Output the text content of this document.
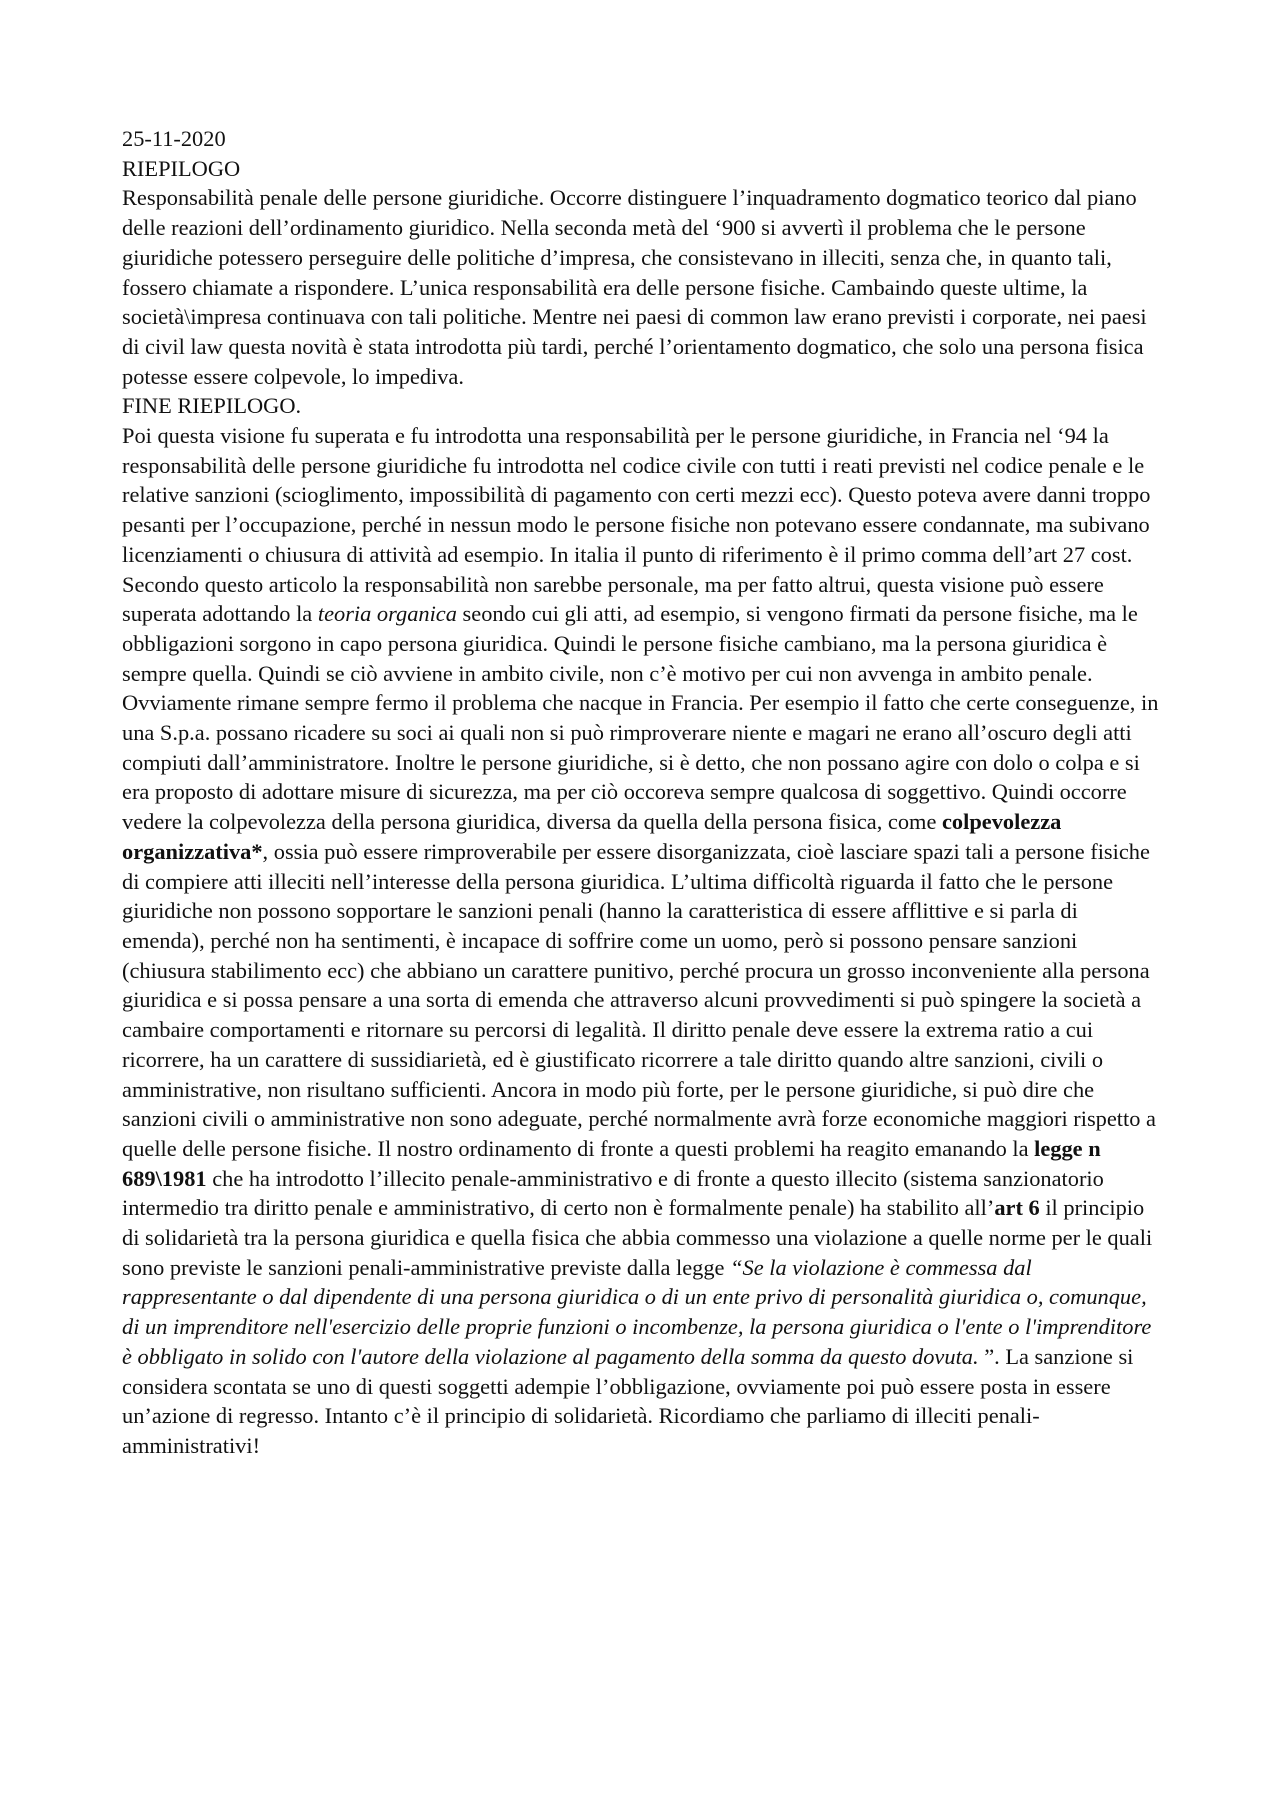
25-11-2020
RIEPILOGO

Responsabilità penale delle persone giuridiche. Occorre distinguere l’inquadramento dogmatico teorico dal piano delle reazioni dell’ordinamento giuridico. Nella seconda metà del ‘900 si avvertì il problema che le persone giuridiche potessero perseguire delle politiche d’impresa, che consistevano in illeciti, senza che, in quanto tali, fossero chiamate a rispondere. L’unica responsabilità era delle persone fisiche. Cambaindo queste ultime, la società\impresa continuava con tali politiche. Mentre nei paesi di common law erano previsti i corporate, nei paesi di civil law questa novità è stata introdotta più tardi, perché l’orientamento dogmatico, che solo una persona fisica potesse essere colpevole, lo impediva.

FINE RIEPILOGO.

Poi questa visione fu superata e fu introdotta una responsabilità per le persone giuridiche, in Francia nel ‘94 la responsabilità delle persone giuridiche fu introdotta nel codice civile con tutti i reati previsti nel codice penale e le relative sanzioni (scioglimento, impossibilità di pagamento con certi mezzi ecc). Questo poteva avere danni troppo pesanti per l’occupazione, perché in nessun modo le persone fisiche non potevano essere condannate, ma subivano licenziamenti o chiusura di attività ad esempio. In italia il punto di riferimento è il primo comma dell’art 27 cost. Secondo questo articolo la responsabilità non sarebbe personale, ma per fatto altrui, questa visione può essere superata adottando la teoria organica seondo cui gli atti, ad esempio, si vengono firmati da persone fisiche, ma le obbligazioni sorgono in capo persona giuridica. Quindi le persone fisiche cambiano, ma la persona giuridica è sempre quella. Quindi se ciò avviene in ambito civile, non c’è motivo per cui non avvenga in ambito penale. Ovviamente rimane sempre fermo il problema che nacque in Francia. Per esempio il fatto che certe conseguenze, in una S.p.a. possano ricadere su soci ai quali non si può rimproverare niente e magari ne erano all’oscuro degli atti compiuti dall’amministratore. Inoltre le persone giuridiche, si è detto, che non possano agire con dolo o colpa e si era proposto di adottare misure di sicurezza, ma per ciò occoreva sempre qualcosa di soggettivo. Quindi occorre vedere la colpevolezza della persona giuridica, diversa da quella della persona fisica, come colpevolezza organizzativa*, ossia può essere rimproverabile per essere disorganizzata, cioè lasciare spazi tali a persone fisiche di compiere atti illeciti nell’interesse della persona giuridica. L’ultima difficoltà riguarda il fatto che le persone giuridiche non possono sopportare le sanzioni penali (hanno la caratteristica di essere afflittive e si parla di emenda), perché non ha sentimenti, è incapace di soffrire come un uomo, però si possono pensare sanzioni (chiusura stabilimento ecc) che abbiano un carattere punitivo, perché procura un grosso inconveniente alla persona giuridica e si possa pensare a una sorta di emenda che attraverso alcuni provvedimenti si può spingere la società a cambaire comportamenti e ritornare su percorsi di legalità. Il diritto penale deve essere la extrema ratio a cui ricorrere, ha un carattere di sussidiarietà, ed è giustificato ricorrere a tale diritto quando altre sanzioni, civili o amministrative, non risultano sufficienti. Ancora in modo più forte, per le persone giuridiche, si può dire che sanzioni civili o amministrative non sono adeguate, perché normalmente avrà forze economiche maggiori rispetto a quelle delle persone fisiche. Il nostro ordinamento di fronte a questi problemi ha reagito emanando la legge n 689\1981 che ha introdotto l’illecito penale-amministrativo e di fronte a questo illecito (sistema sanzionatorio intermedio tra diritto penale e amministrativo, di certo non è formalmente penale) ha stabilito all’art 6 il principio di solidarietà tra la persona giuridica e quella fisica che abbia commesso una violazione a quelle norme per le quali sono previste le sanzioni penali-amministrative previste dalla legge “Se la violazione è commessa dal rappresentante o dal dipendente di una persona giuridica o di un ente privo di personalità giuridica o, comunque, di un imprenditore nell'esercizio delle proprie funzioni o incombenze, la persona giuridica o l'ente o l'imprenditore è obbligato in solido con l'autore della violazione al pagamento della somma da questo dovuta. ”. La sanzione si considera scontata se uno di questi soggetti adempie l’obbligazione, ovviamente poi può essere posta in essere un’azione di regresso. Intanto c’è il principio di solidarietà. Ricordiamo che parliamo di illeciti penali-amministrativi!
